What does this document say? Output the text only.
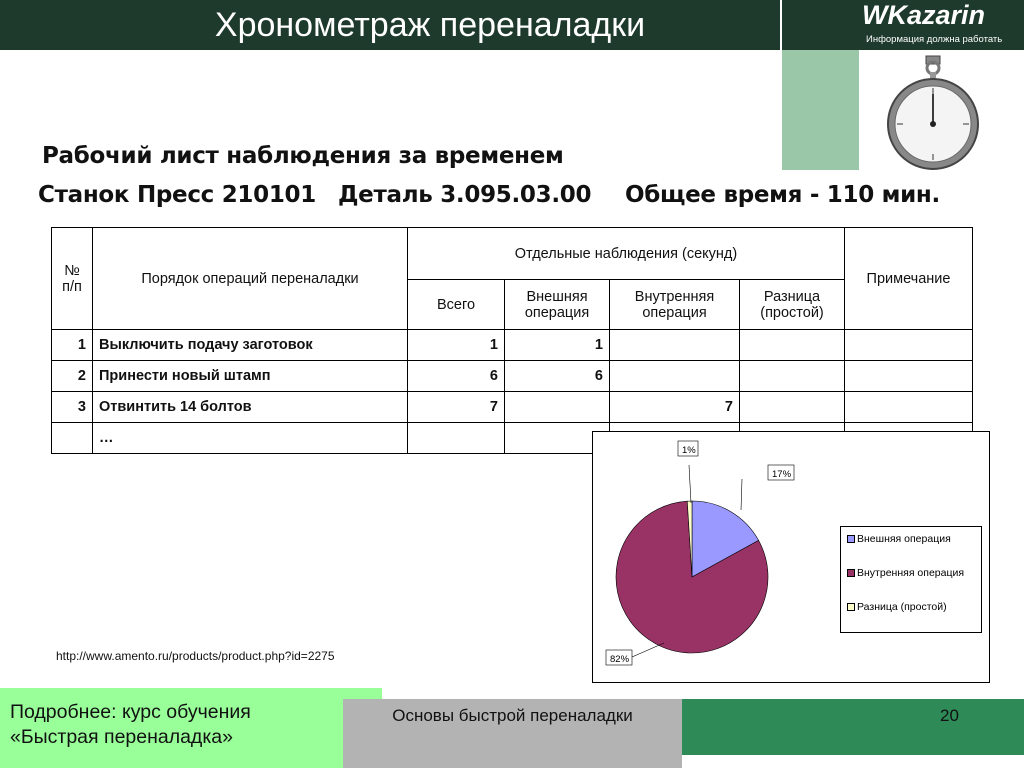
Хронометраж переналадки	WKazarin
Информация должна работать
Рабочий лист наблюдения за временем
Станок Пресс 210101 Деталь 3.095.03.00 Общее время - 110 мин.
№ п/п	Порядок операций переналадки	Отдельные наблюдения (секунд)				Примечание
		Всего	Внешняя операция	Внутренняя операция	Разница (простой)	
1	Выключить подачу заготовок	1	1			
2	Принести новый штамп	6	6			
3	Отвинтить 14 болтов	7		7		
	…					
http://www.amento.ru/products/product.php?id=2275
17%
82%
1%
Внешняя операция
Внутренняя операция
Разница (простой)
Подробнее: курс обучения «Быстрая переналадка»
Основы быстрой переналадки	20
